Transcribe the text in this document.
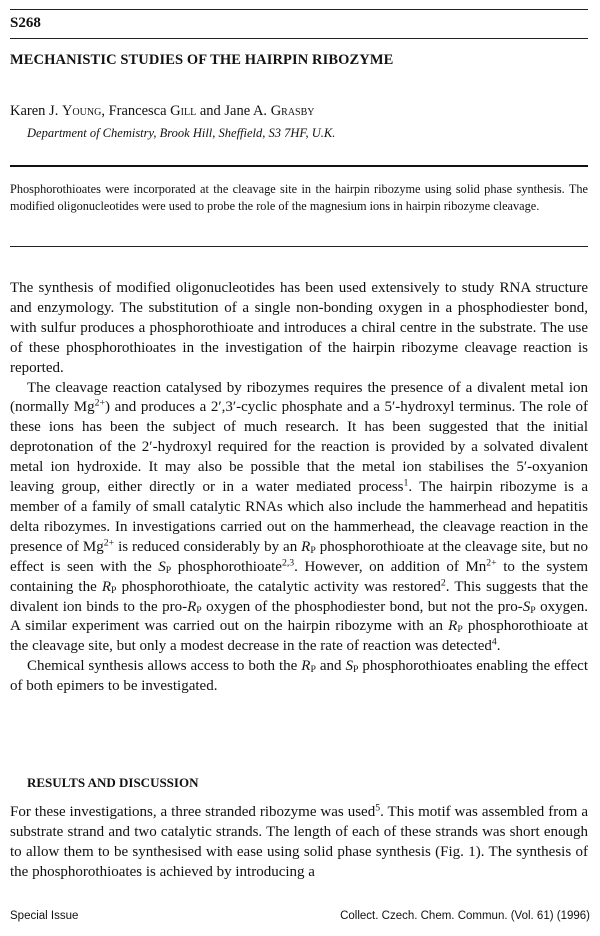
S268
MECHANISTIC STUDIES OF THE HAIRPIN RIBOZYME
Karen J. Young, Francesca Gill and Jane A. Grasby
Department of Chemistry, Brook Hill, Sheffield, S3 7HF, U.K.
Phosphorothioates were incorporated at the cleavage site in the hairpin ribozyme using solid phase synthesis. The modified oligonucleotides were used to probe the role of the magnesium ions in hairpin ribozyme cleavage.

The synthesis of modified oligonucleotides has been used extensively to study RNA structure and enzymology. The substitution of a single non-bonding oxygen in a phosphodiester bond, with sulfur produces a phosphorothioate and introduces a chiral centre in the substrate. The use of these phosphorothioates in the investigation of the hairpin ribozyme cleavage reaction is reported.

The cleavage reaction catalysed by ribozymes requires the presence of a divalent metal ion (normally $Mg^{2+}$) and produces a 2′,3′-cyclic phosphate and a 5′-hydroxyl terminus. The role of these ions has been the subject of much research. It has been suggested that the initial deprotonation of the 2′-hydroxyl required for the reaction is provided by a solvated divalent metal ion hydroxide. It may also be possible that the metal ion stabilises the 5′-oxyanion leaving group, either directly or in a water mediated process$^1$. The hairpin ribozyme is a member of a family of small catalytic RNAs which also include the hammerhead and hepatitis delta ribozymes. In investigations carried out on the hammerhead, the cleavage reaction in the presence of $Mg^{2+}$ is reduced considerably by an $R_P$ phosphorothioate at the cleavage site, but no effect is seen with the $S_P$ phosphorothioate$^{2,3}$. However, on addition of $Mn^{2+}$ to the system containing the $R_P$ phosphorothioate, the catalytic activity was restored$^2$. This suggests that the divalent ion binds to the pro-$R_P$ oxygen of the phosphodiester bond, but not the pro-$S_P$ oxygen. A similar experiment was carried out on the hairpin ribozyme with an $R_P$ phosphorothioate at the cleavage site, but only a modest decrease in the rate of reaction was detected$^4$.

Chemical synthesis allows access to both the $R_P$ and $S_P$ phosphorothioates enabling the effect of both epimers to be investigated.

RESULTS AND DISCUSSION

For these investigations, a three stranded ribozyme was used$^5$. This motif was assembled from a substrate strand and two catalytic strands. The length of each of these strands was short enough to allow them to be synthesised with ease using solid phase synthesis (Fig. 1). The synthesis of the phosphorothioates is achieved by introducing a

Special Issue	Collect. Czech. Chem. Commun. (Vol. 61) (1996)
